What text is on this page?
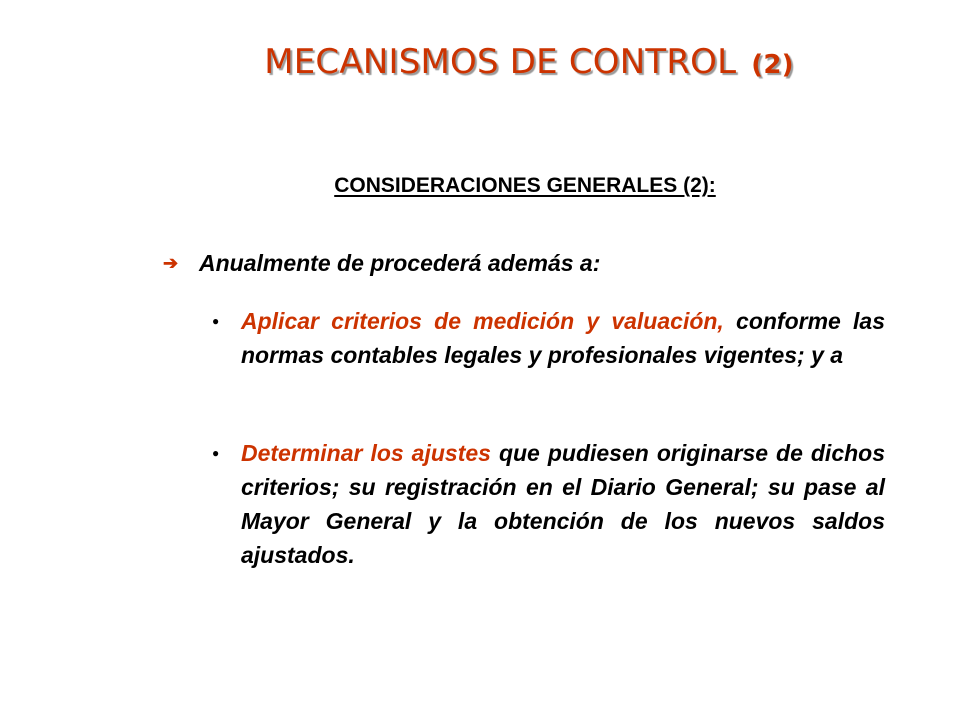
MECANISMOS DE CONTROL (2)
CONSIDERACIONES GENERALES (2):
➔ Anualmente de procederá además a:
● Aplicar criterios de medición y valuación, conforme las normas contables legales y profesionales vigentes; y a
● Determinar los ajustes que pudiesen originarse de dichos criterios; su registración en el Diario General; su pase al Mayor General y la obtención de los nuevos saldos ajustados.
